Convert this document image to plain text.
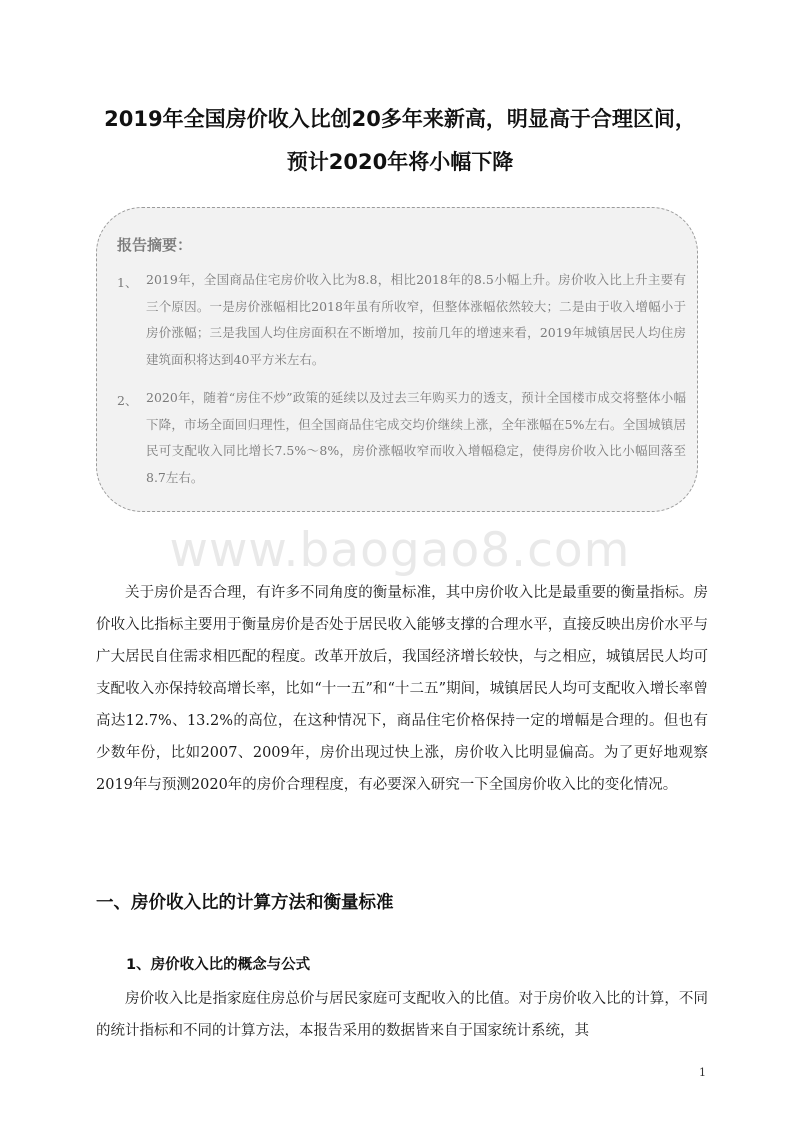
2019年全国房价收入比创20多年来新高，明显高于合理区间，
预计2020年将小幅下降
报告摘要：
1、 2019年，全国商品住宅房价收入比为8.8，相比2018年的8.5小幅上升。房价收入比上升主要有三个原因。一是房价涨幅相比2018年虽有所收窄，但整体涨幅依然较大；二是由于收入增幅小于房价涨幅；三是我国人均住房面积在不断增加，按前几年的增速来看，2019年城镇居民人均住房建筑面积将达到40平方米左右。
2、 2020年，随着“房住不炒”政策的延续以及过去三年购买力的透支，预计全国楼市成交将整体小幅下降，市场全面回归理性，但全国商品住宅成交均价继续上涨，全年涨幅在5%左右。全国城镇居民可支配收入同比增长7.5%～8%，房价涨幅收窄而收入增幅稳定，使得房价收入比小幅回落至8.7左右。
www.baogao8.com
关于房价是否合理，有许多不同角度的衡量标准，其中房价收入比是最重要的衡量指标。房价收入比指标主要用于衡量房价是否处于居民收入能够支撑的合理水平，直接反映出房价水平与广大居民自住需求相匹配的程度。改革开放后，我国经济增长较快，与之相应，城镇居民人均可支配收入亦保持较高增长率，比如“十一五”和“十二五”期间，城镇居民人均可支配收入增长率曾高达12.7%、13.2%的高位，在这种情况下，商品住宅价格保持一定的增幅是合理的。但也有少数年份，比如2007、2009年，房价出现过快上涨，房价收入比明显偏高。为了更好地观察2019年与预测2020年的房价合理程度，有必要深入研究一下全国房价收入比的变化情况。
一、房价收入比的计算方法和衡量标准
1、房价收入比的概念与公式
房价收入比是指家庭住房总价与居民家庭可支配收入的比值。对于房价收入比的计算，不同的统计指标和不同的计算方法，本报告采用的数据皆来自于国家统计系统，其
1
